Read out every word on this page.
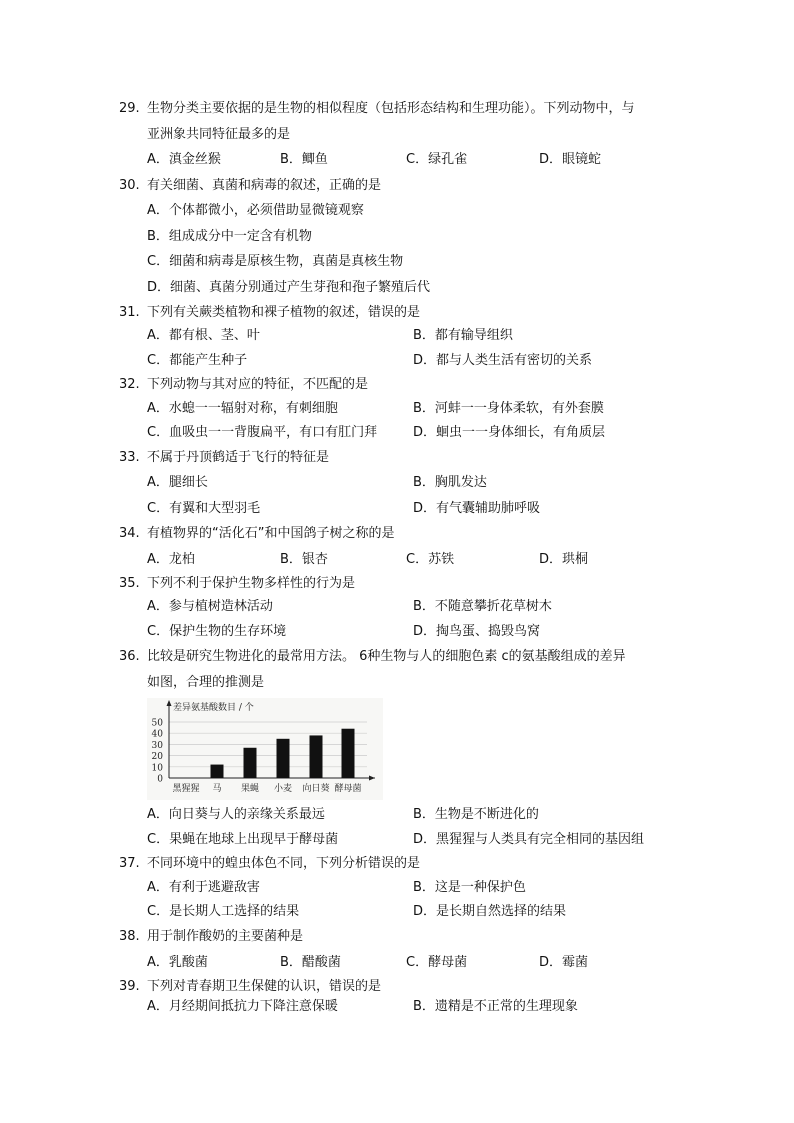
29. 生物分类主要依据的是生物的相似程度（包括形态结构和生理功能）。下列动物中，与
亚洲象共同特征最多的是
A．滇金丝猴	B．鲫鱼	C．绿孔雀	D．眼镜蛇
30. 有关细菌、真菌和病毒的叙述，正确的是
A．个体都微小，必须借助显微镜观察
B．组成成分中一定含有机物
C．细菌和病毒是原核生物，真菌是真核生物
D．细菌、真菌分别通过产生芽孢和孢子繁殖后代
31. 下列有关蕨类植物和裸子植物的叙述，错误的是
A．都有根、茎、叶	B．都有输导组织
C．都能产生种子	D．都与人类生活有密切的关系
32. 下列动物与其对应的特征，不匹配的是
A．水螅一一辐射对称，有刺细胞	B．河蚌一一身体柔软，有外套膜
C．血吸虫一一背腹扁平，有口有肛门拜	D．蛔虫一一身体细长，有角质层
33. 不属于丹顶鹤适于飞行的特征是
A．腿细长	B．胸肌发达
C．有翼和大型羽毛	D．有气囊辅助肺呼吸
34. 有植物界的“活化石”和中国鸽子树之称的是
A．龙柏	B．银杏	C．苏铁	D．珙桐
35. 下列不利于保护生物多样性的行为是
A．参与植树造林活动	B．不随意攀折花草树木
C．保护生物的生存环境	D．掏鸟蛋、捣毁鸟窝
36. 比较是研究生物进化的最常用方法。 6种生物与人的细胞色素 c的氨基酸组成的差异
如图，合理的推测是
A．向日葵与人的亲缘关系最远	B．生物是不断进化的
C．果蝇在地球上出现早于酵母菌	D．黑猩猩与人类具有完全相同的基因组
37. 不同环境中的蝗虫体色不同，下列分析错误的是
A．有利于逃避敌害	B．这是一种保护色
C．是长期人工选择的结果	D．是长期自然选择的结果
38. 用于制作酸奶的主要菌种是
A．乳酸菌	B．醋酸菌	C．酵母菌	D．霉菌
39. 下列对青春期卫生保健的认识，错误的是
A．月经期间抵抗力下降注意保暖	B．遗精是不正常的生理现象
0
10
20
30
40
50
差异氨基酸数目 / 个
黑猩猩 马 果蝇 小麦 向日葵 酵母菌
